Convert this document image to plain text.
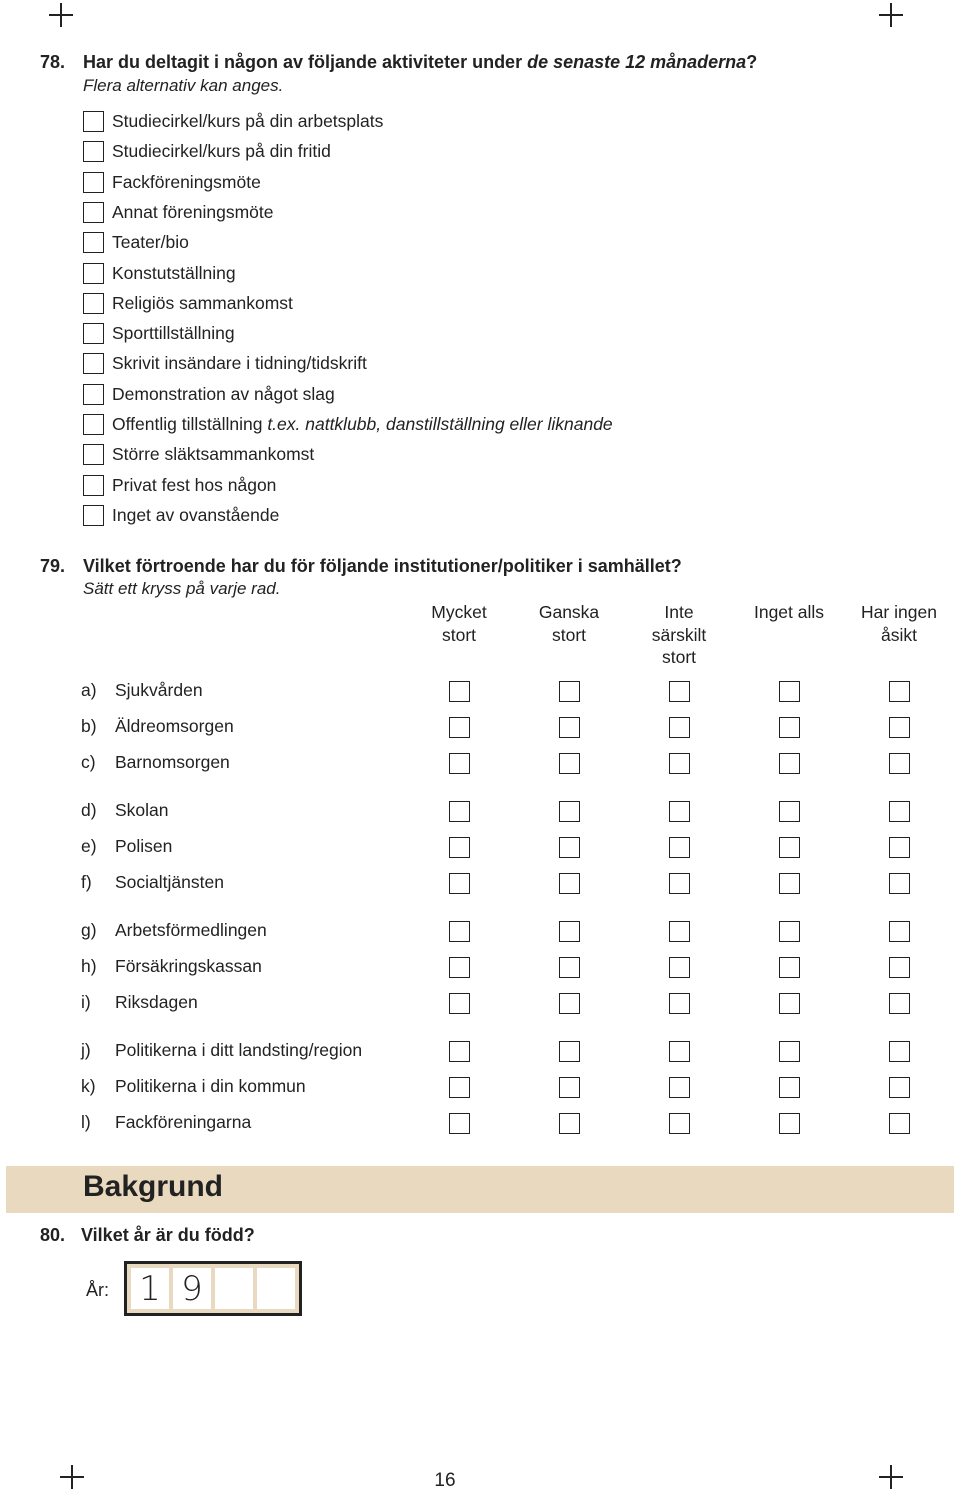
78. Har du deltagit i någon av följande aktiviteter under de senaste 12 månaderna?
Flera alternativ kan anges.
Studiecirkel/kurs på din arbetsplats
Studiecirkel/kurs på din fritid
Fackföreningsmöte
Annat föreningsmöte
Teater/bio
Konstutställning
Religiös sammankomst
Sporttillställning
Skrivit insändare i tidning/tidskrift
Demonstration av något slag
Offentlig tillställning t.ex. nattklubb, danstillställning eller liknande
Större släktsammankomst
Privat fest hos någon
Inget av ovanstående
79. Vilket förtroende har du för följande institutioner/politiker i samhället?
Sätt ett kryss på varje rad.
Mycket
stort
Ganska
stort
Inte
särskilt
stort
Inget alls	Har ingen
åsikt
a) Sjukvården
b) Äldreomsorgen
c) Barnomsorgen
d) Skolan
e) Polisen
f) Socialtjänsten
g) Arbetsförmedlingen
h) Försäkringskassan
i) Riksdagen
j) Politikerna i ditt landsting/region
k) Politikerna i din kommun
l) Fackföreningarna
Bakgrund
80. Vilket år är du född?
År: 1 9
16
